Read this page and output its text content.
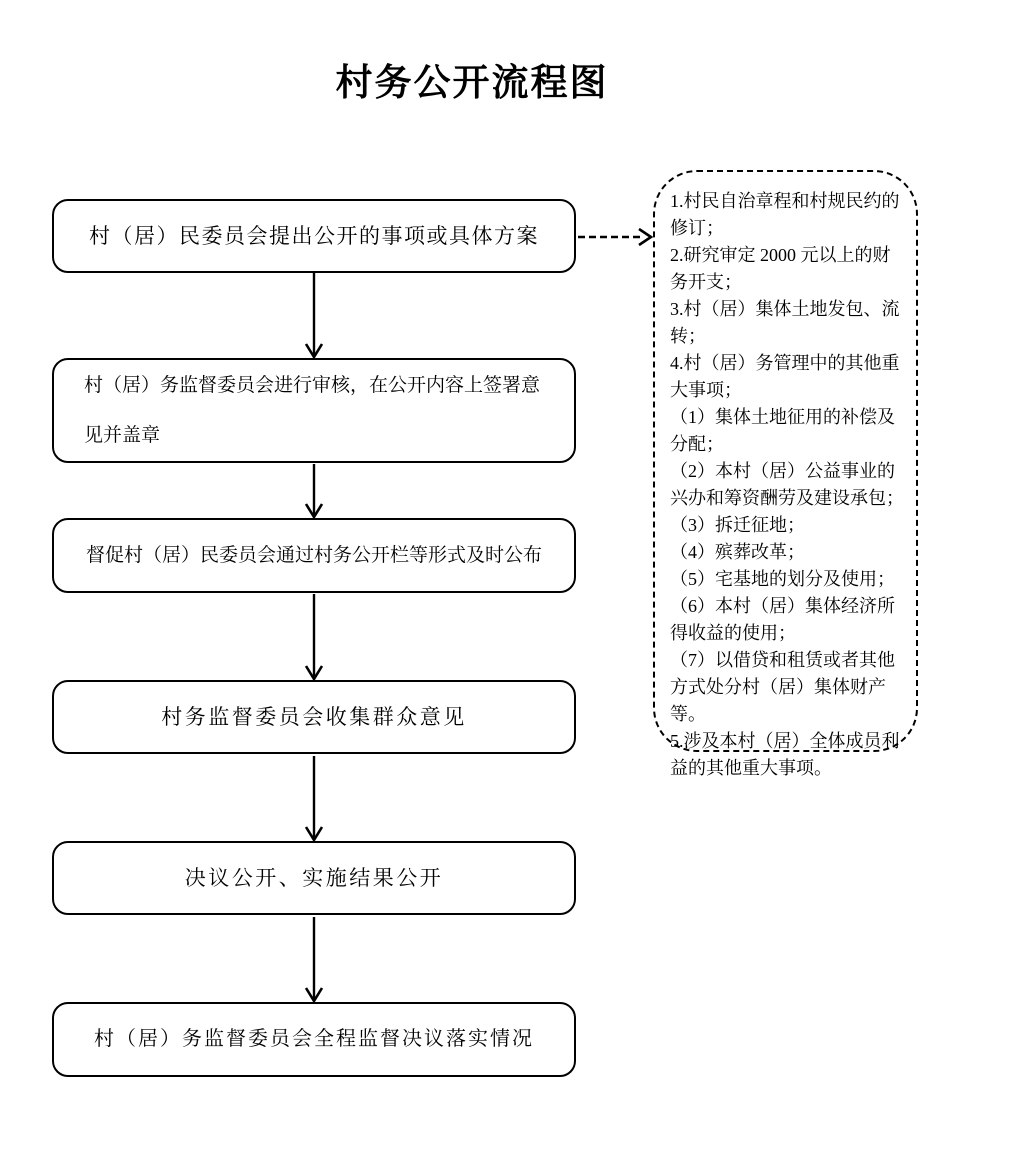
村务公开流程图
村（居）民委员会提出公开的事项或具体方案
村（居）务监督委员会进行审核，在公开内容上签署意见并盖章
督促村（居）民委员会通过村务公开栏等形式及时公布
村务监督委员会收集群众意见
决议公开、实施结果公开
村（居）务监督委员会全程监督决议落实情况
1.村民自治章程和村规民约的修订；
2.研究审定 2000 元以上的财务开支；
3.村（居）集体土地发包、流转；
4.村（居）务管理中的其他重大事项；
（1）集体土地征用的补偿及分配；
（2）本村（居）公益事业的兴办和筹资酬劳及建设承包；
（3）拆迁征地；
（4）殡葬改革；
（5）宅基地的划分及使用；
（6）本村（居）集体经济所得收益的使用；
（7）以借贷和租赁或者其他方式处分村（居）集体财产等。
5.涉及本村（居）全体成员利益的其他重大事项。
